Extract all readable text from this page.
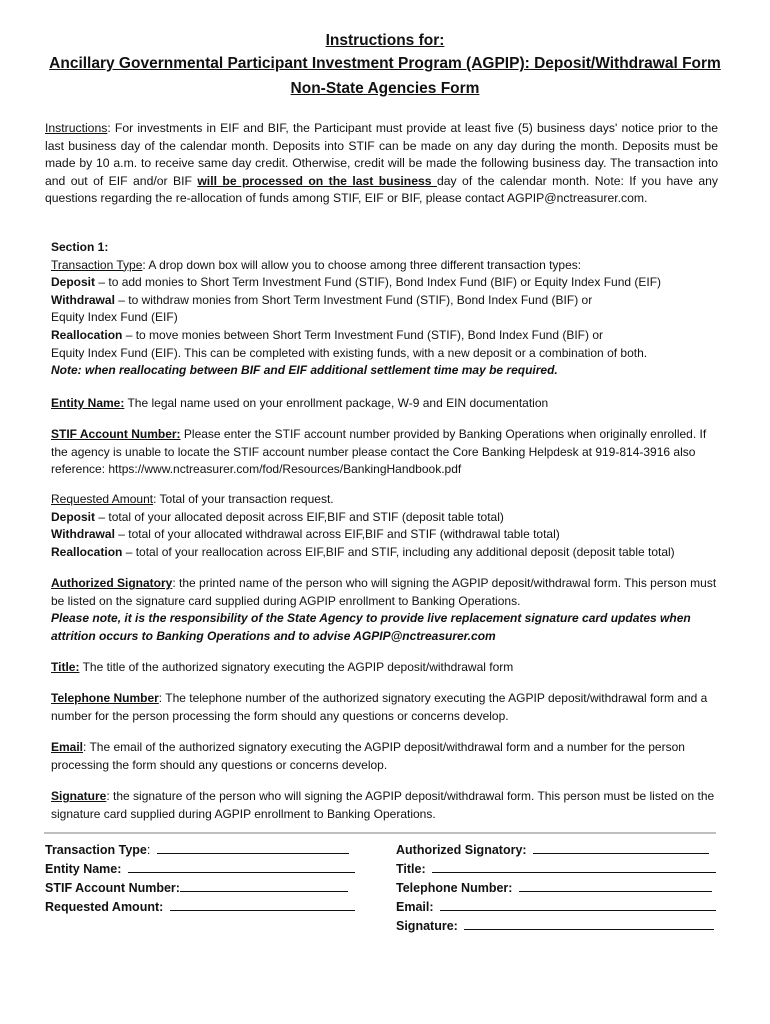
Instructions for:
Ancillary Governmental Participant Investment Program (AGPIP): Deposit/Withdrawal Form
Non-State Agencies Form
Instructions: For investments in EIF and BIF, the Participant must provide at least five (5) business days' notice prior to the last business day of the calendar month. Deposits into STIF can be made on any day during the month. Deposits must be made by 10 a.m. to receive same day credit. Otherwise, credit will be made the following business day. The transaction into and out of EIF and/or BIF will be processed on the last business day of the calendar month. Note: If you have any questions regarding the re-allocation of funds among STIF, EIF or BIF, please contact AGPIP@nctreasurer.com.
Section 1:
Transaction Type: A drop down box will allow you to choose among three different transaction types:
Deposit – to add monies to Short Term Investment Fund (STIF), Bond Index Fund (BIF) or Equity Index Fund (EIF)
Withdrawal – to withdraw monies from Short Term Investment Fund (STIF), Bond Index Fund (BIF) or
Equity Index Fund (EIF)
Reallocation – to move monies between Short Term Investment Fund (STIF), Bond Index Fund (BIF) or
Equity Index Fund (EIF). This can be completed with existing funds, with a new deposit or a combination of both.
Note: when reallocating between BIF and EIF additional settlement time may be required.
Entity Name: The legal name used on your enrollment package, W-9 and EIN documentation
STIF Account Number: Please enter the STIF account number provided by Banking Operations when originally enrolled. If the agency is unable to locate the STIF account number please contact the Core Banking Helpdesk at 919-814-3916 also reference: https://www.nctreasurer.com/fod/Resources/BankingHandbook.pdf
Requested Amount: Total of your transaction request.
Deposit – total of your allocated deposit across EIF,BIF and STIF (deposit table total)
Withdrawal – total of your allocated withdrawal across EIF,BIF and STIF (withdrawal table total)
Reallocation – total of your reallocation across EIF,BIF and STIF, including any additional deposit (deposit table total)
Authorized Signatory: the printed name of the person who will signing the AGPIP deposit/withdrawal form. This person must be listed on the signature card supplied during AGPIP enrollment to Banking Operations.
Please note, it is the responsibility of the State Agency to provide live replacement signature card updates when attrition occurs to Banking Operations and to advise AGPIP@nctreasurer.com
Title: The title of the authorized signatory executing the AGPIP deposit/withdrawal form
Telephone Number: The telephone number of the authorized signatory executing the AGPIP deposit/withdrawal form and a number for the person processing the form should any questions or concerns develop.
Email: The email of the authorized signatory executing the AGPIP deposit/withdrawal form and a number for the person processing the form should any questions or concerns develop.
Signature: the signature of the person who will signing the AGPIP deposit/withdrawal form. This person must be listed on the signature card supplied during AGPIP enrollment to Banking Operations.
Transaction Type:
Entity Name:
STIF Account Number:
Requested Amount:
Authorized Signatory:
Title:
Telephone Number:
Email:
Signature:
